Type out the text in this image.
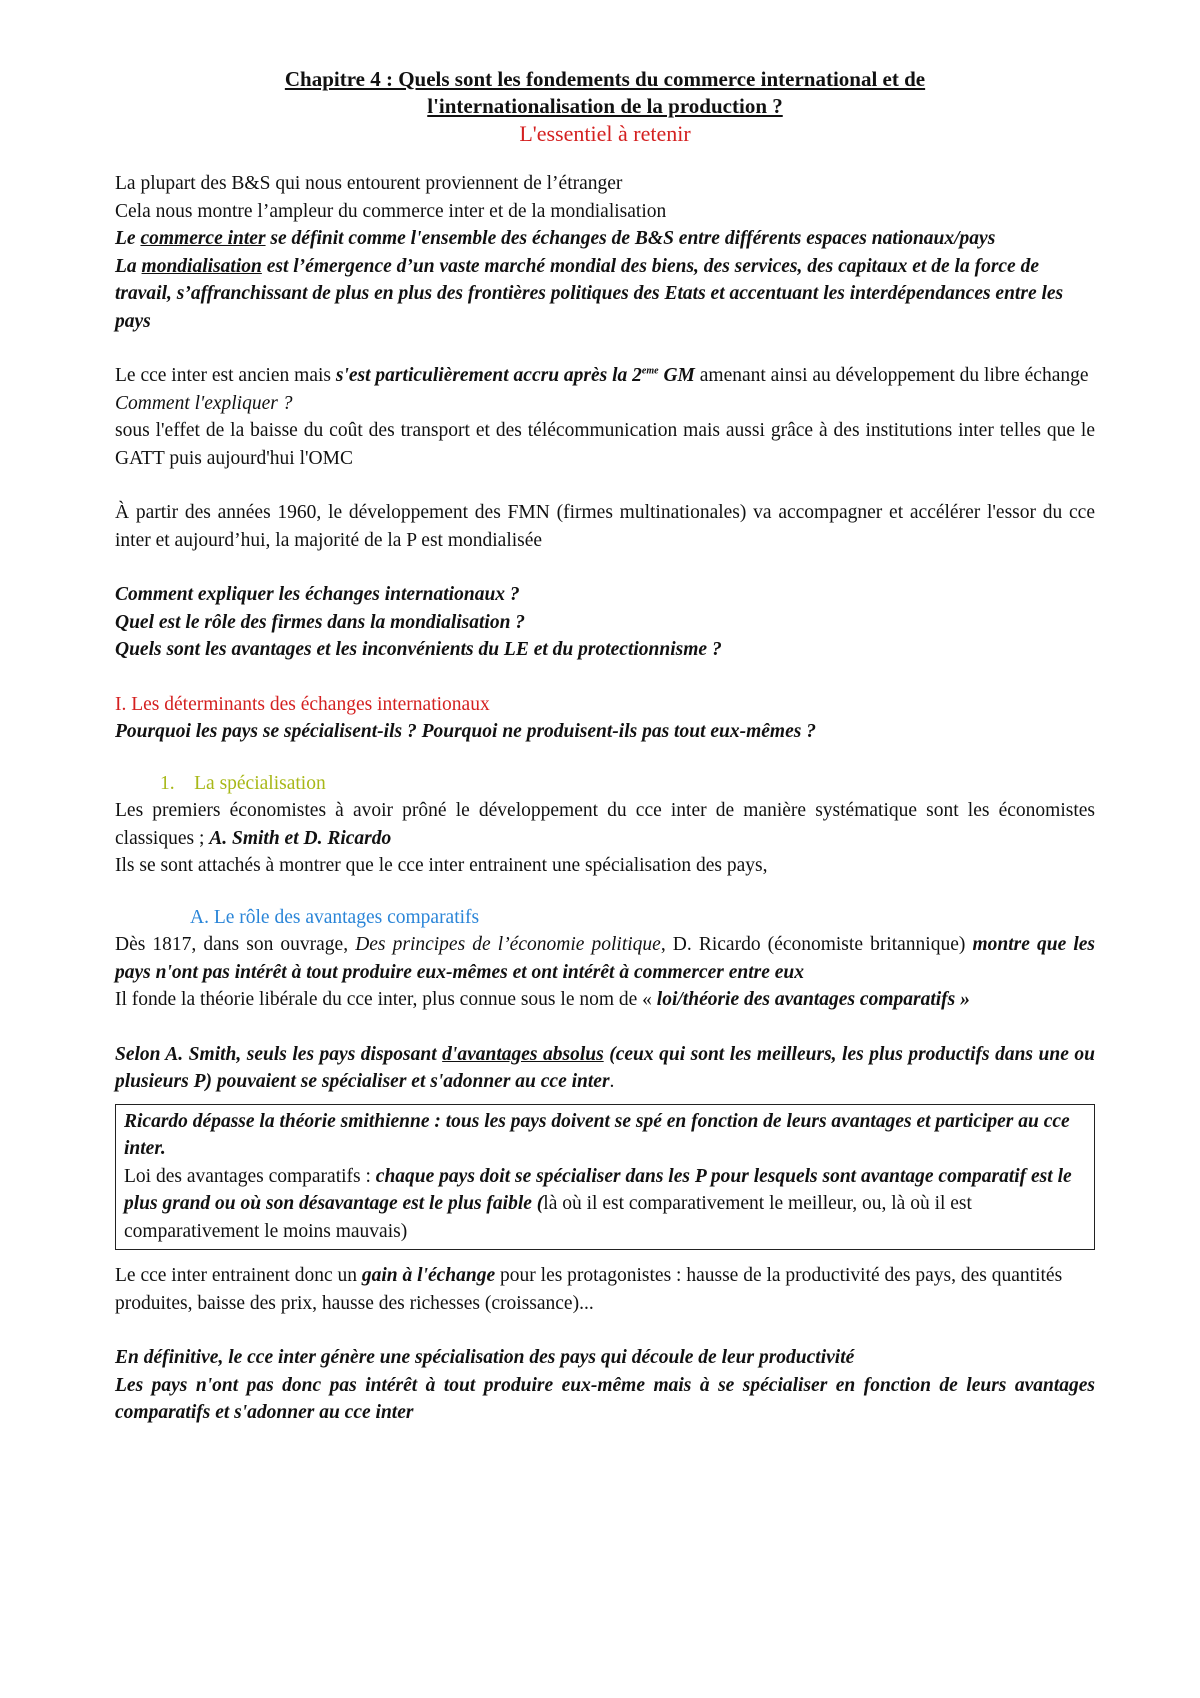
Chapitre 4 : Quels sont les fondements du commerce international et de
l'internationalisation de la production ?

L'essentiel à retenir

La plupart des B&S qui nous entourent proviennent de l’étranger

Cela nous montre l’ampleur du commerce inter et de la mondialisation

Le commerce inter se définit comme l'ensemble des échanges de B&S entre différents espaces nationaux/pays

La mondialisation est l’émergence d’un vaste marché mondial des biens, des services, des capitaux et de la force de travail, s’affranchissant de plus en plus des frontières politiques des Etats et accentuant les interdépendances entre les pays

Le cce inter est ancien mais s'est particulièrement accru après la 2eme GM amenant ainsi au développement du libre échange

Comment l'expliquer ?

sous l'effet de la baisse du coût des transport et des télécommunication mais aussi grâce à des institutions inter telles que le GATT puis aujourd'hui l'OMC

À partir des années 1960, le développement des FMN (firmes multinationales) va accompagner et accélérer l'essor du cce inter et aujourd’hui, la majorité de la P est mondialisée

Comment expliquer les échanges internationaux ?

Quel est le rôle des firmes dans la mondialisation ?

Quels sont les avantages et les inconvénients du LE et du protectionnisme ?

I. Les déterminants des échanges internationaux

Pourquoi les pays se spécialisent-ils ? Pourquoi ne produisent-ils pas tout eux-mêmes ?

1. La spécialisation

Les premiers économistes à avoir prôné le développement du cce inter de manière systématique sont les économistes classiques ; A. Smith et D. Ricardo

Ils se sont attachés à montrer que le cce inter entrainent une spécialisation des pays,

A. Le rôle des avantages comparatifs

Dès 1817, dans son ouvrage, Des principes de l’économie politique, D. Ricardo (économiste britannique) montre que les pays n'ont pas intérêt à tout produire eux-mêmes et ont intérêt à commercer entre eux

Il fonde la théorie libérale du cce inter, plus connue sous le nom de « loi/théorie des avantages comparatifs »

Selon A. Smith, seuls les pays disposant d'avantages absolus (ceux qui sont les meilleurs, les plus productifs dans une ou plusieurs P) pouvaient se spécialiser et s'adonner au cce inter.

Ricardo dépasse la théorie smithienne : tous les pays doivent se spé en fonction de leurs avantages et participer au cce inter.

Loi des avantages comparatifs : chaque pays doit se spécialiser dans les P pour lesquels sont avantage comparatif est le plus grand ou où son désavantage est le plus faible (là où il est comparativement le meilleur, ou, là où il est comparativement le moins mauvais)

Le cce inter entrainent donc un gain à l'échange pour les protagonistes : hausse de la productivité des pays, des quantités produites, baisse des prix, hausse des richesses (croissance)...

En définitive, le cce inter génère une spécialisation des pays qui découle de leur productivité

Les pays n'ont pas donc pas intérêt à tout produire eux-même mais à se spécialiser en fonction de leurs avantages comparatifs et s'adonner au cce inter
